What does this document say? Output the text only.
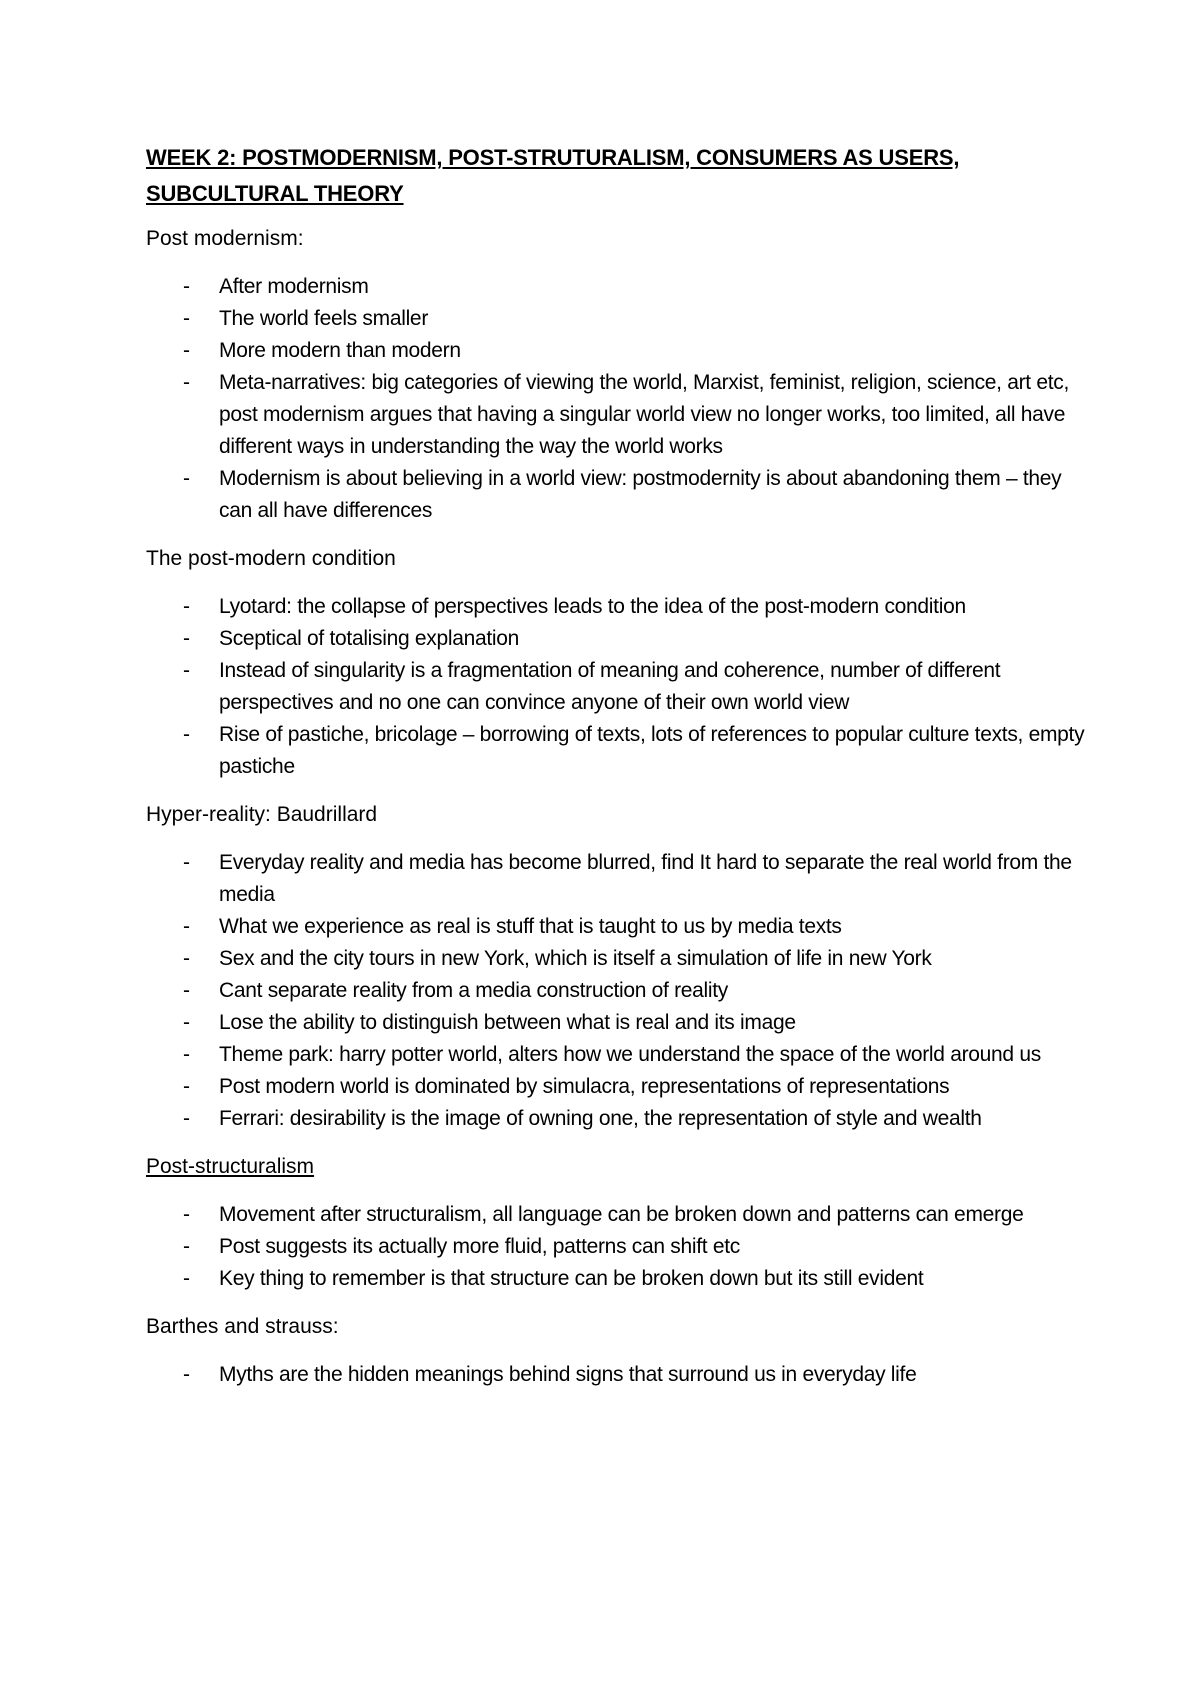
WEEK 2: POSTMODERNISM, POST-STRUTURALISM, CONSUMERS AS USERS, SUBCULTURAL THEORY
Post modernism:
- After modernism
- The world feels smaller
- More modern than modern
- Meta-narratives: big categories of viewing the world, Marxist, feminist, religion, science, art etc, post modernism argues that having a singular world view no longer works, too limited, all have different ways in understanding the way the world works
- Modernism is about believing in a world view: postmodernity is about abandoning them – they can all have differences
The post-modern condition
- Lyotard: the collapse of perspectives leads to the idea of the post-modern condition
- Sceptical of totalising explanation
- Instead of singularity is a fragmentation of meaning and coherence, number of different perspectives and no one can convince anyone of their own world view
- Rise of pastiche, bricolage – borrowing of texts, lots of references to popular culture texts, empty pastiche
Hyper-reality: Baudrillard
- Everyday reality and media has become blurred, find It hard to separate the real world from the media
- What we experience as real is stuff that is taught to us by media texts
- Sex and the city tours in new York, which is itself a simulation of life in new York
- Cant separate reality from a media construction of reality
- Lose the ability to distinguish between what is real and its image
- Theme park: harry potter world, alters how we understand the space of the world around us
- Post modern world is dominated by simulacra, representations of representations
- Ferrari: desirability is the image of owning one, the representation of style and wealth
Post-structuralism
- Movement after structuralism, all language can be broken down and patterns can emerge
- Post suggests its actually more fluid, patterns can shift etc
- Key thing to remember is that structure can be broken down but its still evident
Barthes and strauss:
- Myths are the hidden meanings behind signs that surround us in everyday life
